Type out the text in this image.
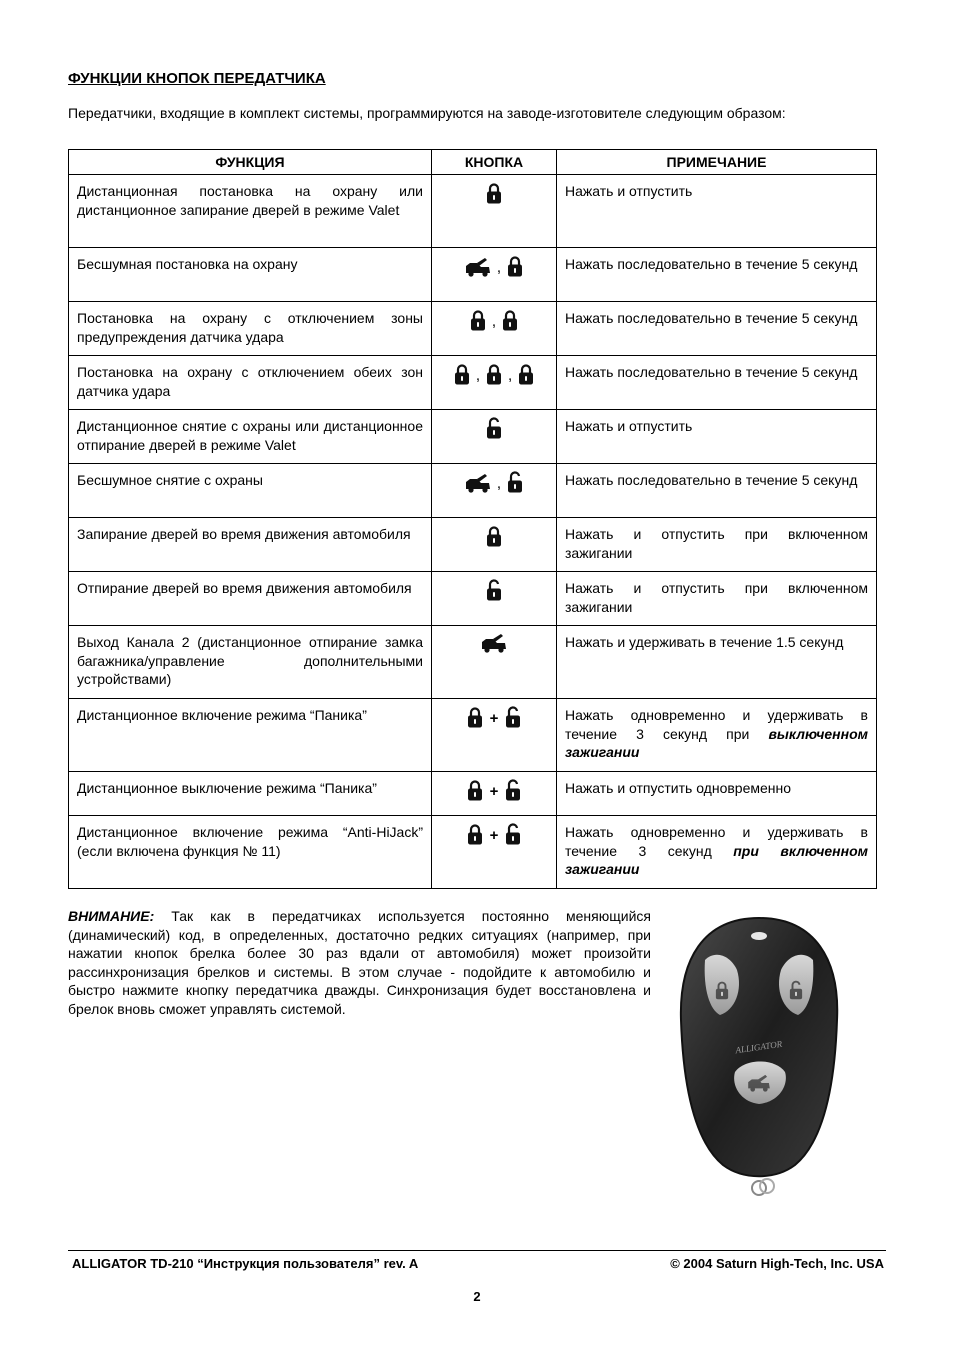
ФУНКЦИИ КНОПОК ПЕРЕДАТЧИКА
Передатчики, входящие в комплект системы, программируются на заводе-изготовителе следующим образом:
ФУНКЦИЯ	КНОПКА	ПРИМЕЧАНИЕ
Дистанционная постановка на охрану или дистанционное запирание дверей в режиме Valet		Нажать и отпустить
Бесшумная постановка на охрану	,	Нажать последовательно в течение 5 секунд
Постановка на охрану с отключением зоны предупреждения датчика удара	,	Нажать последовательно в течение 5 секунд
Постановка на охрану с отключением обеих зон датчика удара	, ,	Нажать последовательно в течение 5 секунд
Дистанционное снятие с охраны или дистанционное отпирание дверей в режиме Valet		Нажать и отпустить
Бесшумное снятие с охраны	,	Нажать последовательно в течение 5 секунд
Запирание дверей во время движения автомобиля		Нажать и отпустить при включенном зажигании
Отпирание дверей во время движения автомобиля		Нажать и отпустить при включенном зажигании
Выход Канала 2 (дистанционное отпирание замка багажника/управление дополнительными устройствами)		Нажать и удерживать в течение 1.5 секунд
Дистанционное включение режима “Паника”	+	Нажать одновременно и удерживать в течение 3 секунд при выключенном зажигании
Дистанционное выключение режима “Паника”	+	Нажать и отпустить одновременно
Дистанционное включение режима “Anti-HiJack” (если включена функция № 11)	+	Нажать одновременно и удерживать в течение 3 секунд при включенном зажигании
ВНИМАНИЕ: Так как в передатчиках используется постоянно меняющийся (динамический) код, в определенных, достаточно редких ситуациях (например, при нажатии кнопок брелка более 30 раз вдали от автомобиля) может произойти рассинхронизация брелков и системы. В этом случае - подойдите к автомобилю и быстро нажмите кнопку передатчика дважды. Синхронизация будет восстановлена и брелок вновь сможет управлять системой.
ALLIGATOR
ALLIGATOR TD-210 “Инструкция пользователя” rev. A	© 2004 Saturn High-Tech, Inc. USA
2
